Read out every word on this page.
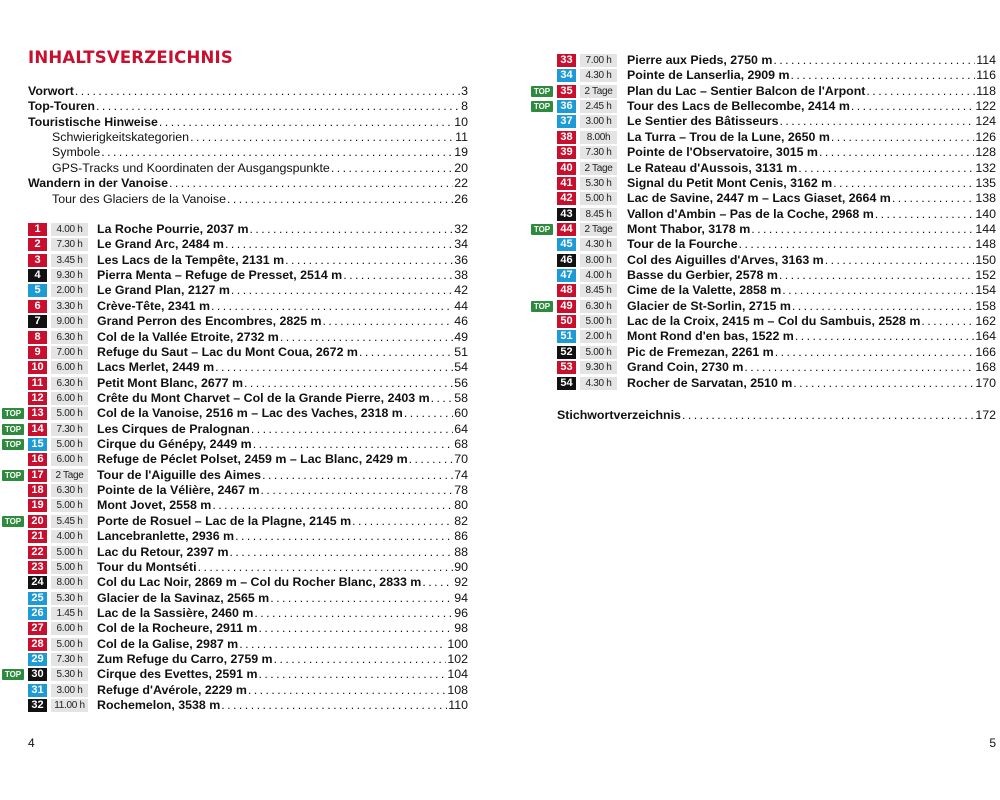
INHALTSVERZEICHNIS
Vorwort . . .	3
Top-Touren . . .	8
Touristische Hinweise . . .	10
Schwierigkeitskategorien . . .	11
Symbole . . .	19
GPS-Tracks und Koordinaten der Ausgangspunkte . . .	20
Wandern in der Vanoise . . .	22
Tour des Glaciers de la Vanoise . . .	26
1	4.00 h	La Roche Pourrie, 2037 m . . .	32
2	7.30 h	Le Grand Arc, 2484 m . . .	34
3	3.45 h	Les Lacs de la Tempête, 2131 m . . .	36
4	9.30 h	Pierra Menta – Refuge de Presset, 2514 m . . .	38
5	2.00 h	Le Grand Plan, 2127 m . . .	42
6	3.30 h	Crève-Tête, 2341 m . . .	44
7	9.00 h	Grand Perron des Encombres, 2825 m . . .	46
8	6.30 h	Col de la Vallée Etroite, 2732 m . . .	49
9	7.00 h	Refuge du Saut – Lac du Mont Coua, 2672 m . . .	51
10	6.00 h	Lacs Merlet, 2449 m . . .	54
11	6.30 h	Petit Mont Blanc, 2677 m . . .	56
12	6.00 h	Crête du Mont Charvet – Col de la Grande Pierre, 2403 m . . . 58
TOP 13	5.00 h	Col de la Vanoise, 2516 m – Lac des Vaches, 2318 m . . .	60
TOP 14	7.30 h	Les Cirques de Pralognan . . .	64
TOP 15	5.00 h	Cirque du Génépy, 2449 m . . .	68
16	6.00 h	Refuge de Péclet Polset, 2459 m – Lac Blanc, 2429 m . . .	70
TOP 17	2 Tage	Tour de l'Aiguille des Aimes . . .	74
18	6.30 h	Pointe de la Vélière, 2467 m . . .	78
19	5.00 h	Mont Jovet, 2558 m . . .	80
TOP 20	5.45 h	Porte de Rosuel – Lac de la Plagne, 2145 m . . .	82
21	4.00 h	Lancebranlette, 2936 m . . .	86
22	5.00 h	Lac du Retour, 2397 m . . .	88
23	5.00 h	Tour du Montséti . . .	90
24	8.00 h	Col du Lac Noir, 2869 m – Col du Rocher Blanc, 2833 m . . .	92
25	5.30 h	Glacier de la Savinaz, 2565 m . . .	94
26	1.45 h	Lac de la Sassière, 2460 m . . .	96
27	6.00 h	Col de la Rocheure, 2911 m . . .	98
28	5.00 h	Col de la Galise, 2987 m . . .	100
29	7.30 h	Zum Refuge du Carro, 2759 m . . .	102
TOP 30	5.30 h	Cirque des Evettes, 2591 m . . .	104
31	3.00 h	Refuge d'Avérole, 2229 m . . .	108
32	11.00 h Rochemelon, 3538 m . . .	110
4
33	7.00 h	Pierre aux Pieds, 2750 m . . .	114
34	4.30 h	Pointe de Lanserlia, 2909 m . . .	116
TOP 35	2 Tage	Plan du Lac – Sentier Balcon de l'Arpont . . .	118
TOP 36	2.45 h	Tour des Lacs de Bellecombe, 2414 m . . .	122
37	3.00 h	Le Sentier des Bâtisseurs . . .	124
38	8.00h	La Turra – Trou de la Lune, 2650 m . . .	126
39	7.30 h	Pointe de l'Observatoire, 3015 m . . .	128
40	2 Tage	Le Rateau d'Aussois, 3131 m . . .	132
41	5.30 h	Signal du Petit Mont Cenis, 3162 m . . .	135
42	5.00 h	Lac de Savine, 2447 m – Lacs Giaset, 2664 m . . .	138
43	8.45 h	Vallon d'Ambin – Pas de la Coche, 2968 m . . .	140
TOP 44	2 Tage	Mont Thabor, 3178 m . . .	144
45	4.30 h	Tour de la Fourche . . .	148
46	8.00 h	Col des Aiguilles d'Arves, 3163 m . . .	150
47	4.00 h	Basse du Gerbier, 2578 m . . .	152
48	8.45 h	Cime de la Valette, 2858 m . . .	154
TOP 49	6.30 h	Glacier de St-Sorlin, 2715 m . . .	158
50	5.00 h	Lac de la Croix, 2415 m – Col du Sambuis, 2528 m . . .	162
51	2.00 h	Mont Rond d'en bas, 1522 m . . .	164
52	5.00 h	Pic de Fremezan, 2261 m . . .	166
53	9.30 h	Grand Coin, 2730 m . . .	168
54	4.30 h	Rocher de Sarvatan, 2510 m . . .	170
Stichwortverzeichnis . . .	172
5
